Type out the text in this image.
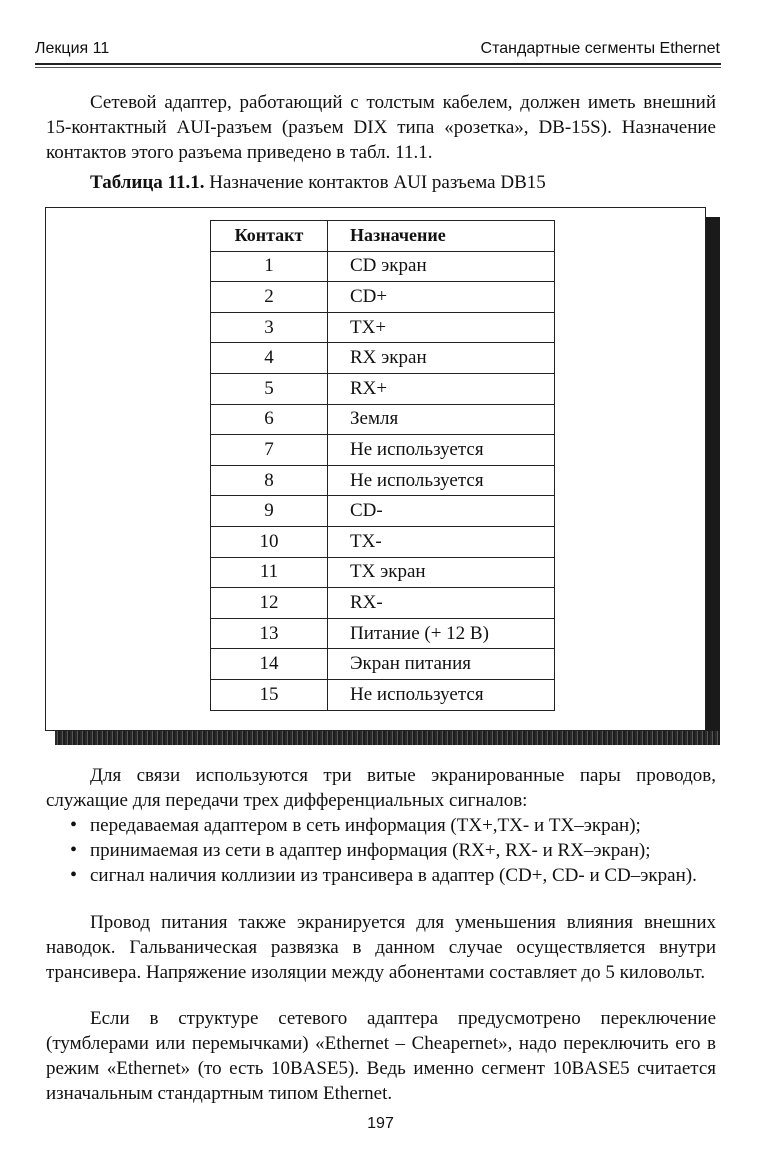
Лекция 11	Стандартные сегменты Ethernet

Сетевой адаптер, работающий с толстым кабелем, должен иметь внешний 15-контактный AUI-разъем (разъем DIX типа «розетка», DB-15S). Назначение контактов этого разъема приведено в табл. 11.1.

Таблица 11.1. Назначение контактов AUI разъема DB15
Контакт	Назначение
1	CD экран
2	CD+
3	TX+
4	RX экран
5	RX+
6	Земля
7	Не используется
8	Не используется
9	CD-
10	TX-
11	TX экран
12	RX-
13	Питание (+ 12 В)
14	Экран питания
15	Не используется

Для связи используются три витые экранированные пары проводов, служащие для передачи трех дифференциальных сигналов:

• передаваемая адаптером в сеть информация (TX+,TX- и TX–экран);
• принимаемая из сети в адаптер информация (RX+, RX- и RX–экран);
• сигнал наличия коллизии из трансивера в адаптер (CD+, CD- и CD–экран).

Провод питания также экранируется для уменьшения влияния внешних наводок. Гальваническая развязка в данном случае осуществляется внутри трансивера. Напряжение изоляции между абонентами составляет до 5 киловольт.

Если в структуре сетевого адаптера предусмотрено переключение (тумблерами или перемычками) «Ethernet – Cheapernet», надо переключить его в режим «Ethernet» (то есть 10BASE5). Ведь именно сегмент 10BASE5 считается изначальным стандартным типом Ethernet.

197
